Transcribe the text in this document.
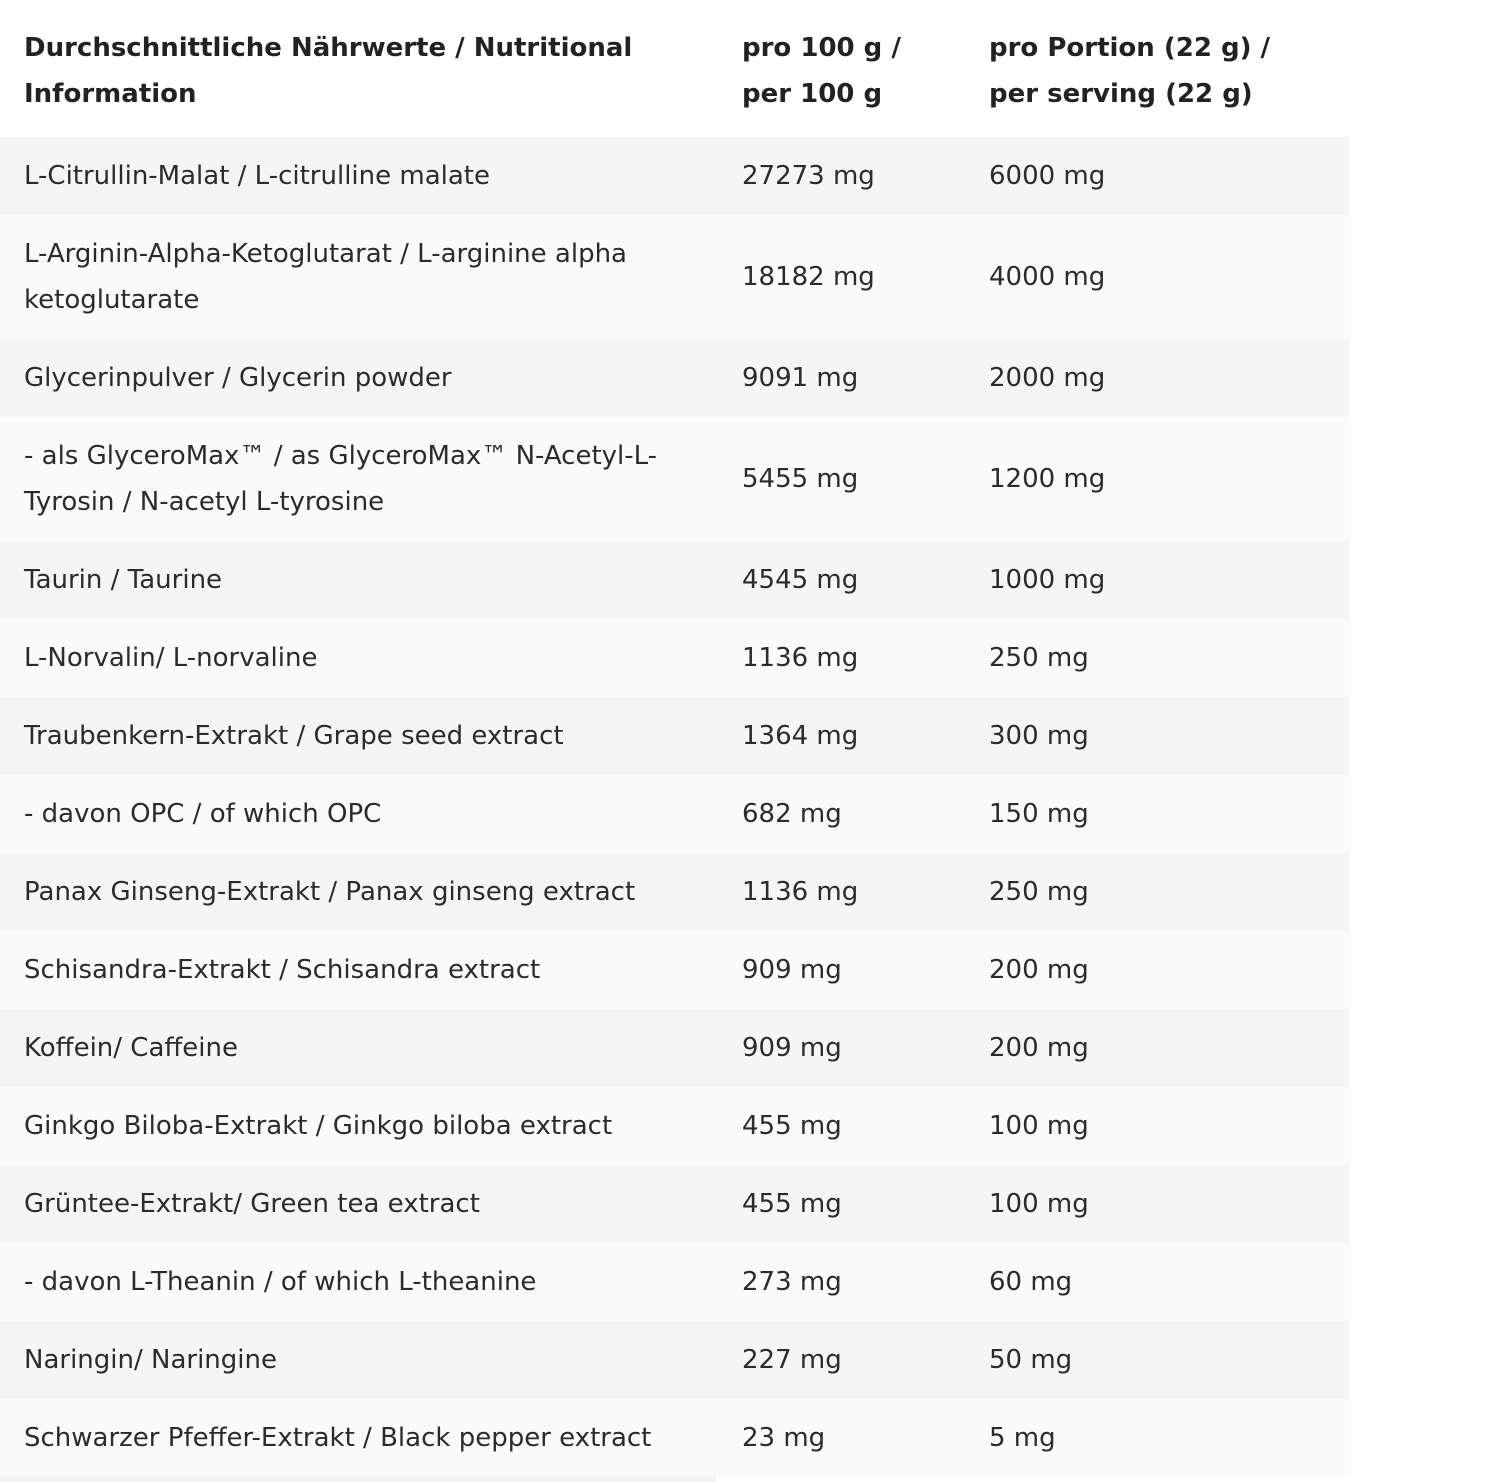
Durchschnittliche Nährwerte / Nutritional Information	pro 100 g / per 100 g	pro Portion (22 g) / per serving (22 g)
L-Citrullin-Malat / L-citrulline malate	27273 mg	6000 mg
L-Arginin-Alpha-Ketoglutarat / L-arginine alpha ketoglutarate	18182 mg	4000 mg
Glycerinpulver / Glycerin powder	9091 mg	2000 mg
- als GlyceroMax™ / as GlyceroMax™ N-Acetyl-L-Tyrosin / N-acetyl L-tyrosine	5455 mg	1200 mg
Taurin / Taurine	4545 mg	1000 mg
L-Norvalin/ L-norvaline	1136 mg	250 mg
Traubenkern-Extrakt / Grape seed extract	1364 mg	300 mg
- davon OPC / of which OPC	682 mg	150 mg
Panax Ginseng-Extrakt / Panax ginseng extract	1136 mg	250 mg
Schisandra-Extrakt / Schisandra extract	909 mg	200 mg
Koffein/ Caffeine	909 mg	200 mg
Ginkgo Biloba-Extrakt / Ginkgo biloba extract	455 mg	100 mg
Grüntee-Extrakt/ Green tea extract	455 mg	100 mg
- davon L-Theanin / of which L-theanine	273 mg	60 mg
Naringin/ Naringine	227 mg	50 mg
Schwarzer Pfeffer-Extrakt / Black pepper extract	23 mg	5 mg
